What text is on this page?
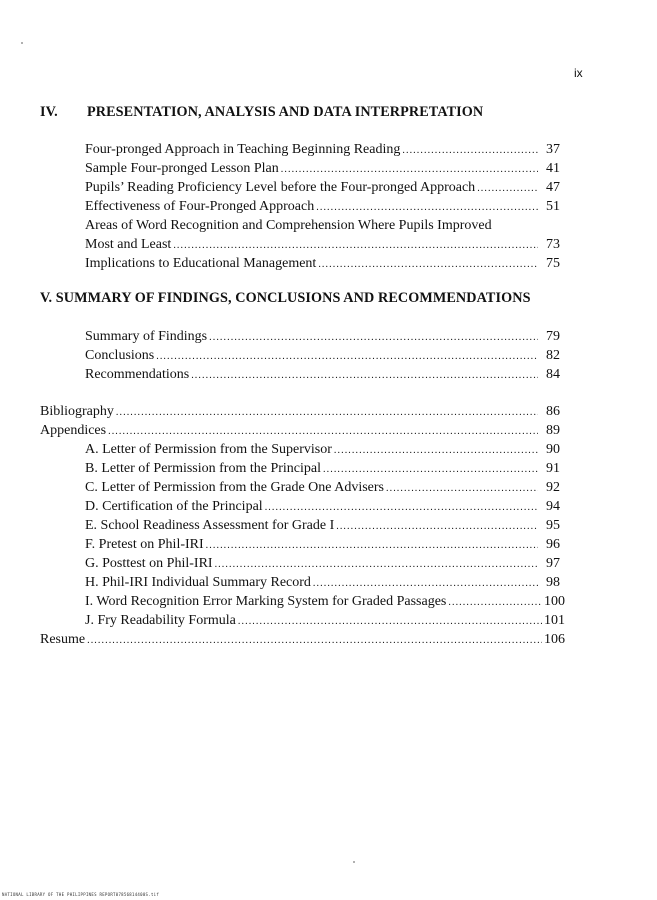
ix
IV. PRESENTATION, ANALYSIS AND DATA INTERPRETATION
Four-pronged Approach in Teaching Beginning Reading .....	37
Sample Four-pronged Lesson Plan .....	41
Pupils’ Reading Proficiency Level before the Four-pronged Approach .....	47
Effectiveness of Four-Pronged Approach .....	51
Areas of Word Recognition and Comprehension Where Pupils Improved
Most and Least .....	73
Implications to Educational Management .....	75
V. SUMMARY OF FINDINGS, CONCLUSIONS AND RECOMMENDATIONS
Summary of Findings .....	79
Conclusions .....	82
Recommendations .....	84
Bibliography .....	86
Appendices .....	89
A. Letter of Permission from the Supervisor .....	90
B. Letter of Permission from the Principal .....	91
C. Letter of Permission from the Grade One Advisers .....	92
D. Certification of the Principal .....	94
E. School Readiness Assessment for Grade I .....	95
F. Pretest on Phil-IRI .....	96
G. Posttest on Phil-IRI .....	97
H. Phil-IRI Individual Summary Record .....	98
I. Word Recognition Error Marking System for Graded Passages .....	100
J. Fry Readability Formula .....	101
Resume .....	106
NATIONAL LIBRARY OF THE PHILIPPINES REPORT07856814400S.tif
